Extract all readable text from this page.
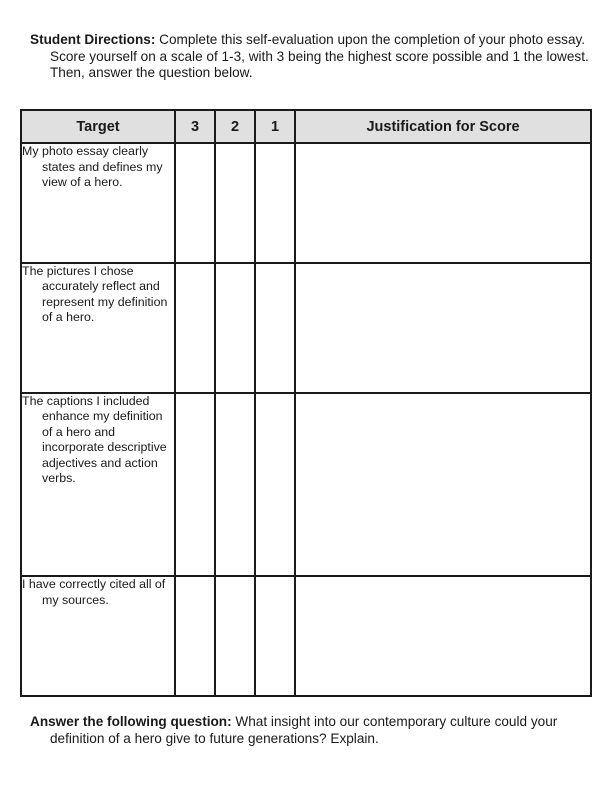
Student Directions: Complete this self-evaluation upon the completion of your photo essay. Score yourself on a scale of 1-3, with 3 being the highest score possible and 1 the lowest. Then, answer the question below.

Target	3	2	1	Justification for Score

My photo essay clearly states and defines my view of a hero.				

The pictures I chose accurately reflect and represent my definition of a hero.				

The captions I included enhance my definition of a hero and incorporate descriptive adjectives and action verbs.				

I have correctly cited all of my sources.				

Answer the following question: What insight into our contemporary culture could your definition of a hero give to future generations? Explain.
